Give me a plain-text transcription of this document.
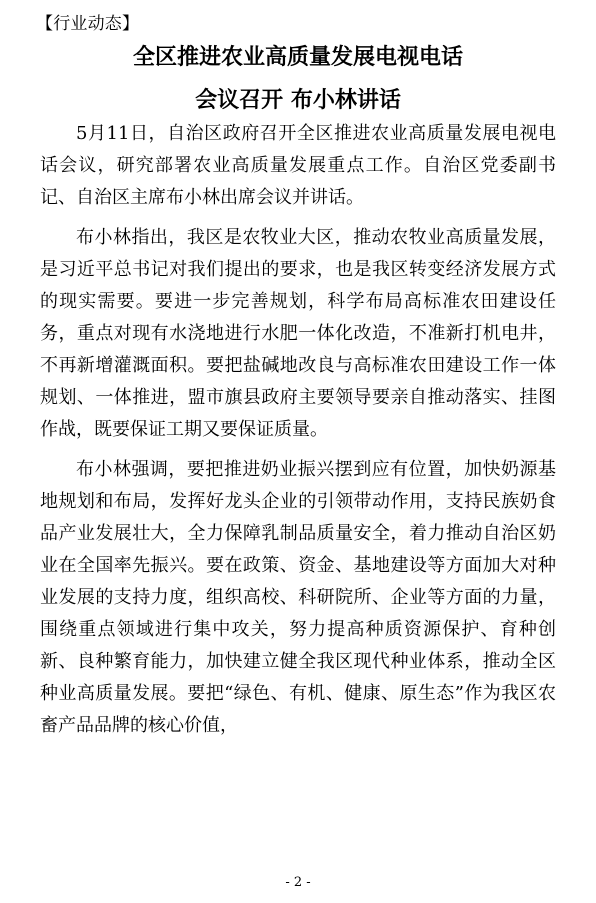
【行业动态】
全区推进农业高质量发展电视电话
会议召开 布小林讲话

5月11日，自治区政府召开全区推进农业高质量发展电视电话会议，研究部署农业高质量发展重点工作。自治区党委副书记、自治区主席布小林出席会议并讲话。

布小林指出，我区是农牧业大区，推动农牧业高质量发展，是习近平总书记对我们提出的要求，也是我区转变经济发展方式的现实需要。要进一步完善规划，科学布局高标准农田建设任务，重点对现有水浇地进行水肥一体化改造，不准新打机电井，不再新增灌溉面积。要把盐碱地改良与高标准农田建设工作一体规划、一体推进，盟市旗县政府主要领导要亲自推动落实、挂图作战，既要保证工期又要保证质量。

布小林强调，要把推进奶业振兴摆到应有位置，加快奶源基地规划和布局，发挥好龙头企业的引领带动作用，支持民族奶食品产业发展壮大，全力保障乳制品质量安全，着力推动自治区奶业在全国率先振兴。要在政策、资金、基地建设等方面加大对种业发展的支持力度，组织高校、科研院所、企业等方面的力量，围绕重点领域进行集中攻关，努力提高种质资源保护、育种创新、良种繁育能力，加快建立健全我区现代种业体系，推动全区种业高质量发展。要把“绿色、有机、健康、原生态”作为我区农畜产品品牌的核心价值，

- 2 -
